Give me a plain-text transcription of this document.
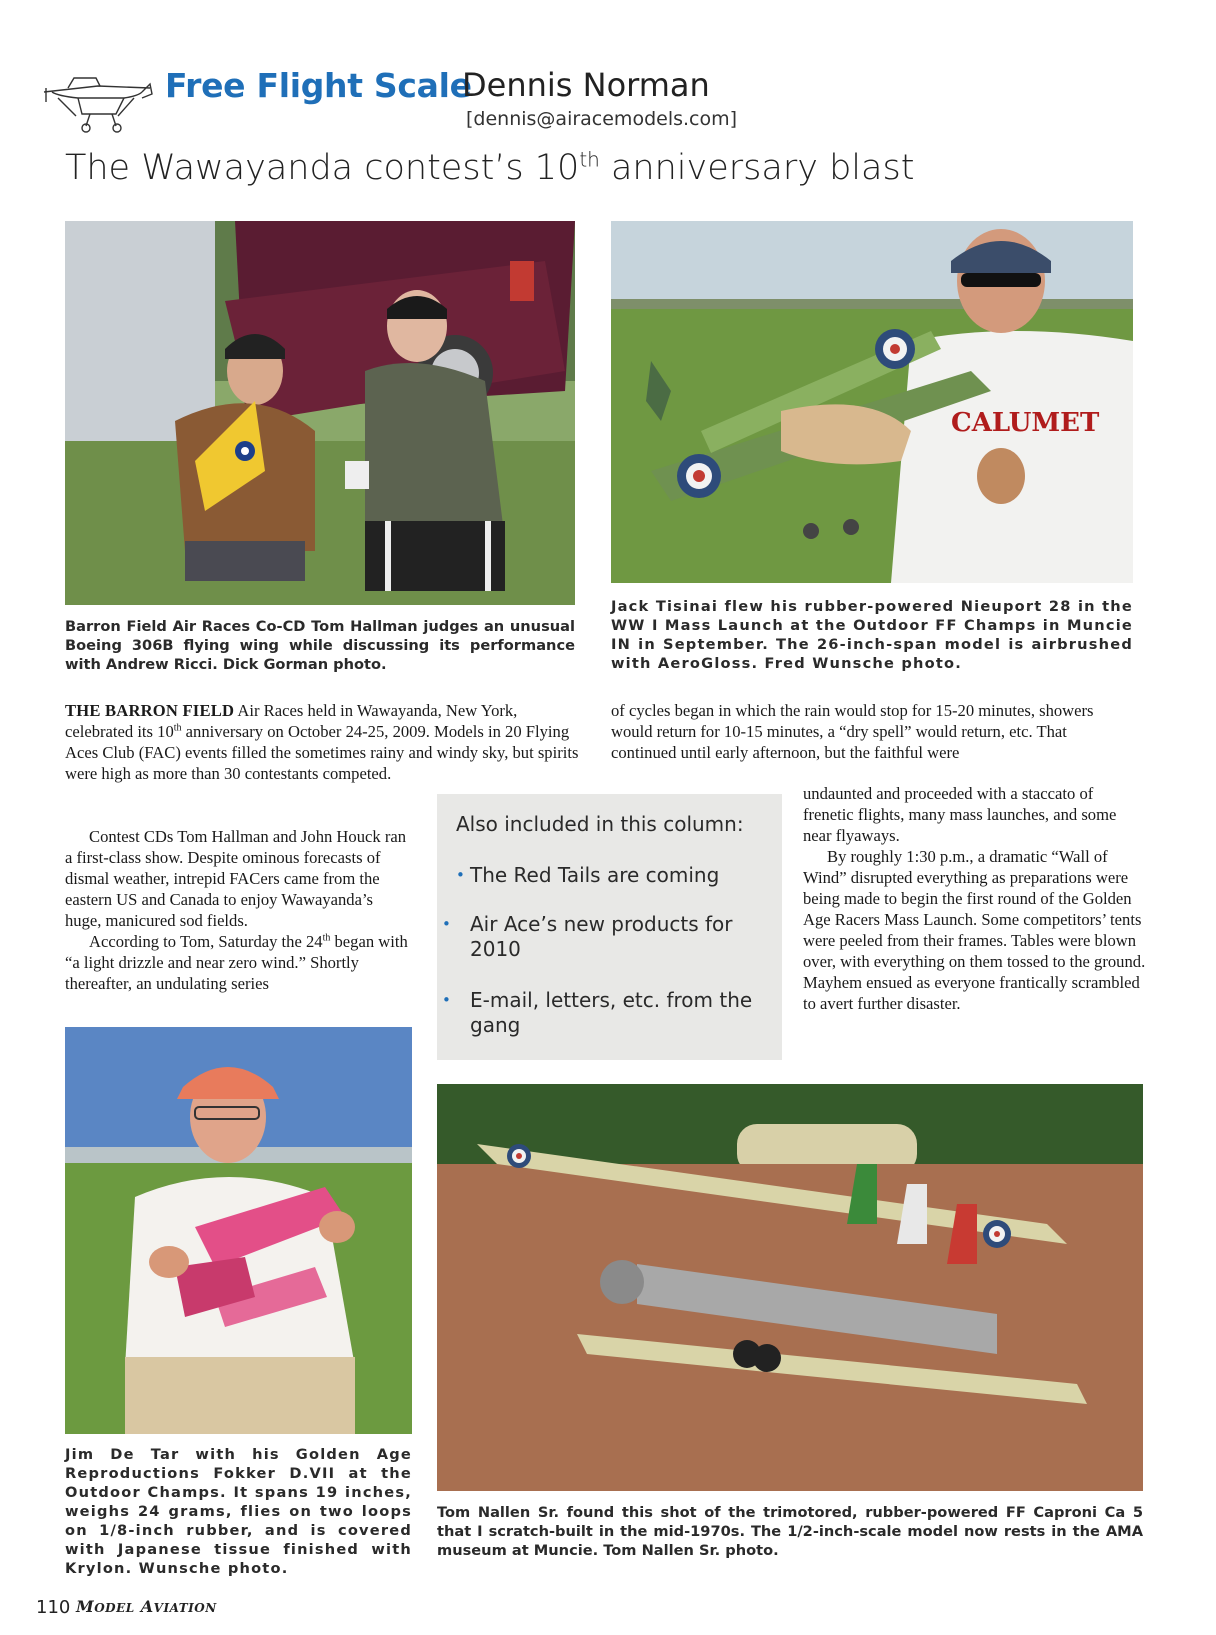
Free Flight Scale
Dennis Norman
[dennis@airacemodels.com]
The Wawayanda contest’s 10th anniversary blast
CALUMET
Barron Field Air Races Co-CD Tom Hallman judges an unusual Boeing 306B flying wing while discussing its performance with Andrew Ricci. Dick Gorman photo.
Jack Tisinai flew his rubber-powered Nieuport 28 in the WW I Mass Launch at the Outdoor FF Champs in Muncie IN in September. The 26-inch-span model is airbrushed with AeroGloss. Fred Wunsche photo.

THE BARRON FIELD Air Races held in Wawayanda, New York, celebrated its 10th anniversary on October 24-25, 2009. Models in 20 Flying Aces Club (FAC) events filled the sometimes rainy and windy sky, but spirits were high as more than 30 contestants competed.

Contest CDs Tom Hallman and John Houck ran a first-class show. Despite ominous forecasts of dismal weather, intrepid FACers came from the eastern US and Canada to enjoy Wawayanda’s huge, manicured sod fields.

According to Tom, Saturday the 24th began with “a light drizzle and near zero wind.” Shortly thereafter, an undulating series

of cycles began in which the rain would stop for 15-20 minutes, showers would return for 10-15 minutes, a “dry spell” would return, etc. That continued until early afternoon, but the faithful were

undaunted and proceeded with a staccato of frenetic flights, many mass launches, and some near flyaways.

By roughly 1:30 p.m., a dramatic “Wall of Wind” disrupted everything as preparations were being made to begin the first round of the Golden Age Racers Mass Launch. Some competitors’ tents were peeled from their frames. Tables were blown over, with everything on them tossed to the ground. Mayhem ensued as everyone frantically scrambled to avert further disaster.

Also included in this column:
• The Red Tails are coming
• Air Ace’s new products for 2010
• E-mail, letters, etc. from the gang
Jim De Tar with his Golden Age Reproductions Fokker D.VII at the Outdoor Champs. It spans 19 inches, weighs 24 grams, flies on two loops on 1/8-inch rubber, and is covered with Japanese tissue finished with Krylon. Wunsche photo.
Tom Nallen Sr. found this shot of the trimotored, rubber-powered FF Caproni Ca 5 that I scratch-built in the mid-1970s. The 1/2-inch-scale model now rests in the AMA museum at Muncie. Tom Nallen Sr. photo.
110 MODEL AVIATION
